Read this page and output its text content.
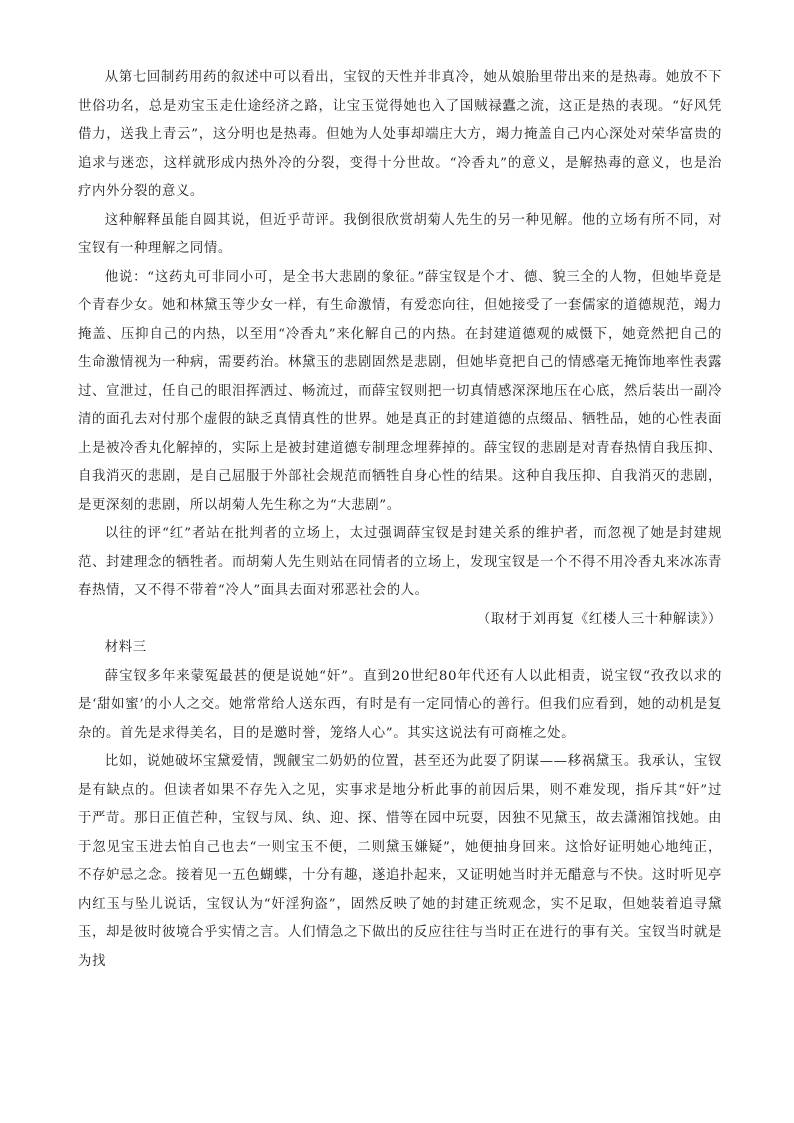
从第七回制药用药的叙述中可以看出，宝钗的天性并非真冷，她从娘胎里带出来的是热毒。她放不下世俗功名，总是劝宝玉走仕途经济之路，让宝玉觉得她也入了国贼禄蠹之流，这正是热的表现。“好风凭借力，送我上青云”，这分明也是热毒。但她为人处事却端庄大方，竭力掩盖自己内心深处对荣华富贵的追求与迷恋，这样就形成内热外冷的分裂，变得十分世故。“冷香丸”的意义，是解热毒的意义，也是治疗内外分裂的意义。

这种解释虽能自圆其说，但近乎苛评。我倒很欣赏胡菊人先生的另一种见解。他的立场有所不同，对宝钗有一种理解之同情。

他说：“这药丸可非同小可，是全书大悲剧的象征。”薛宝钗是个才、德、貌三全的人物，但她毕竟是个青春少女。她和林黛玉等少女一样，有生命激情，有爱恋向往，但她接受了一套儒家的道德规范，竭力掩盖、压抑自己的内热，以至用“冷香丸”来化解自己的内热。在封建道德观的威慑下，她竟然把自己的生命激情视为一种病，需要药治。林黛玉的悲剧固然是悲剧，但她毕竟把自己的情感毫无掩饰地率性表露过、宣泄过，任自己的眼泪挥洒过、畅流过，而薛宝钗则把一切真情感深深地压在心底，然后装出一副冷清的面孔去对付那个虚假的缺乏真情真性的世界。她是真正的封建道德的点缀品、牺牲品，她的心性表面上是被冷香丸化解掉的，实际上是被封建道德专制理念埋葬掉的。薛宝钗的悲剧是对青春热情自我压抑、自我消灭的悲剧，是自己屈服于外部社会规范而牺牲自身心性的结果。这种自我压抑、自我消灭的悲剧，是更深刻的悲剧，所以胡菊人先生称之为“大悲剧”。

以往的评“红”者站在批判者的立场上，太过强调薛宝钗是封建关系的维护者，而忽视了她是封建规范、封建理念的牺牲者。而胡菊人先生则站在同情者的立场上，发现宝钗是一个不得不用冷香丸来冰冻青春热情，又不得不带着“冷人”面具去面对邪恶社会的人。

（取材于刘再复《红楼人三十种解读》）

材料三

薛宝钗多年来蒙冤最甚的便是说她“奸”。直到20世纪80年代还有人以此相责，说宝钗“孜孜以求的是‘甜如蜜’的小人之交。她常常给人送东西，有时是有一定同情心的善行。但我们应看到，她的动机是复杂的。首先是求得美名，目的是邀时誉，笼络人心”。其实这说法有可商榷之处。

比如，说她破坏宝黛爱情，觊觎宝二奶奶的位置，甚至还为此耍了阴谋——移祸黛玉。我承认，宝钗是有缺点的。但读者如果不存先入之见，实事求是地分析此事的前因后果，则不难发现，指斥其“奸”过于严苛。那日正值芒种，宝钗与凤、纨、迎、探、惜等在园中玩耍，因独不见黛玉，故去潇湘馆找她。由于忽见宝玉进去怕自己也去“一则宝玉不便，二则黛玉嫌疑”，她便抽身回来。这恰好证明她心地纯正，不存妒忌之念。接着见一五色蝴蝶，十分有趣，遂追扑起来，又证明她当时并无醋意与不快。这时听见亭内红玉与坠儿说话，宝钗认为“奸淫狗盗”，固然反映了她的封建正统观念，实不足取，但她装着追寻黛玉，却是彼时彼境合乎实情之言。人们情急之下做出的反应往往与当时正在进行的事有关。宝钗当时就是为找
